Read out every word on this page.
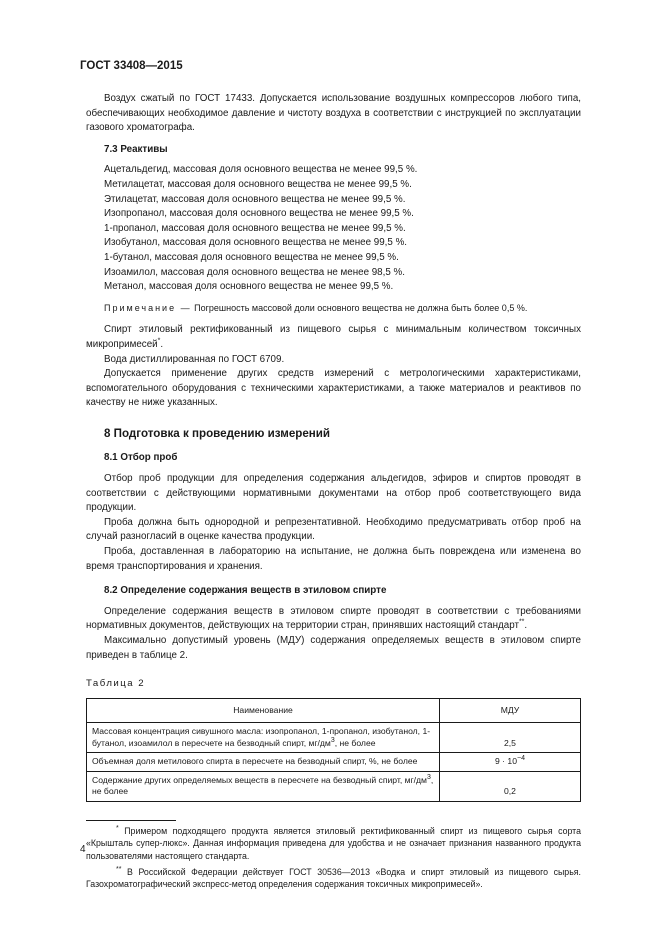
ГОСТ 33408—2015

Воздух сжатый по ГОСТ 17433. Допускается использование воздушных компрессоров любого типа, обеспечивающих необходимое давление и чистоту воздуха в соответствии с инструкцией по эксплуатации газового хроматографа.

7.3 Реактивы
Ацетальдегид, массовая доля основного вещества не менее 99,5 %.
Метилацетат, массовая доля основного вещества не менее 99,5 %.
Этилацетат, массовая доля основного вещества не менее 99,5 %.
Изопропанол, массовая доля основного вещества не менее 99,5 %.
1-пропанол, массовая доля основного вещества не менее 99,5 %.
Изобутанол, массовая доля основного вещества не менее 99,5 %.
1-бутанол, массовая доля основного вещества не менее 99,5 %.
Изоамилол, массовая доля основного вещества не менее 98,5 %.
Метанол, массовая доля основного вещества не менее 99,5 %.
Примечание — Погрешность массовой доли основного вещества не должна быть более 0,5 %.

Спирт этиловый ректификованный из пищевого сырья с минимальным количеством токсичных микропримесей*.

Вода дистиллированная по ГОСТ 6709.

Допускается применение других средств измерений с метрологическими характеристиками, вспомогательного оборудования с техническими характеристиками, а также материалов и реактивов по качеству не ниже указанных.

8 Подготовка к проведению измерений
8.1 Отбор проб

Отбор проб продукции для определения содержания альдегидов, эфиров и спиртов проводят в соответствии с действующими нормативными документами на отбор проб соответствующего вида продукции.

Проба должна быть однородной и репрезентативной. Необходимо предусматривать отбор проб на случай разногласий в оценке качества продукции.

Проба, доставленная в лабораторию на испытание, не должна быть повреждена или изменена во время транспортирования и хранения.

8.2 Определение содержания веществ в этиловом спирте

Определение содержания веществ в этиловом спирте проводят в соответствии с требованиями нормативных документов, действующих на территории стран, принявших настоящий стандарт**.

Максимально допустимый уровень (МДУ) содержания определяемых веществ в этиловом спирте приведен в таблице 2.

Таблица 2
Наименование	МДУ
Массовая концентрация сивушного масла: изопропанол, 1-пропанол, изобутанол, 1-бутанол, изоамилол в пересчете на безводный спирт, $мг/дм^3$, не более	2,5
Объемная доля метилового спирта в пересчете на безводный спирт, %, не более	$9 \cdot 10^{-4}$
Содержание других определяемых веществ в пересчете на безводный спирт, $мг/дм^3$, не более	0,2

* Примером подходящего продукта является этиловый ректификованный спирт из пищевого сырья сорта «Крышталь супер-люкс». Данная информация приведена для удобства и не означает признания названного продукта пользователями настоящего стандарта.

** В Российской Федерации действует ГОСТ 30536—2013 «Водка и спирт этиловый из пищевого сырья. Газохроматографический экспресс-метод определения содержания токсичных микропримесей».

4
